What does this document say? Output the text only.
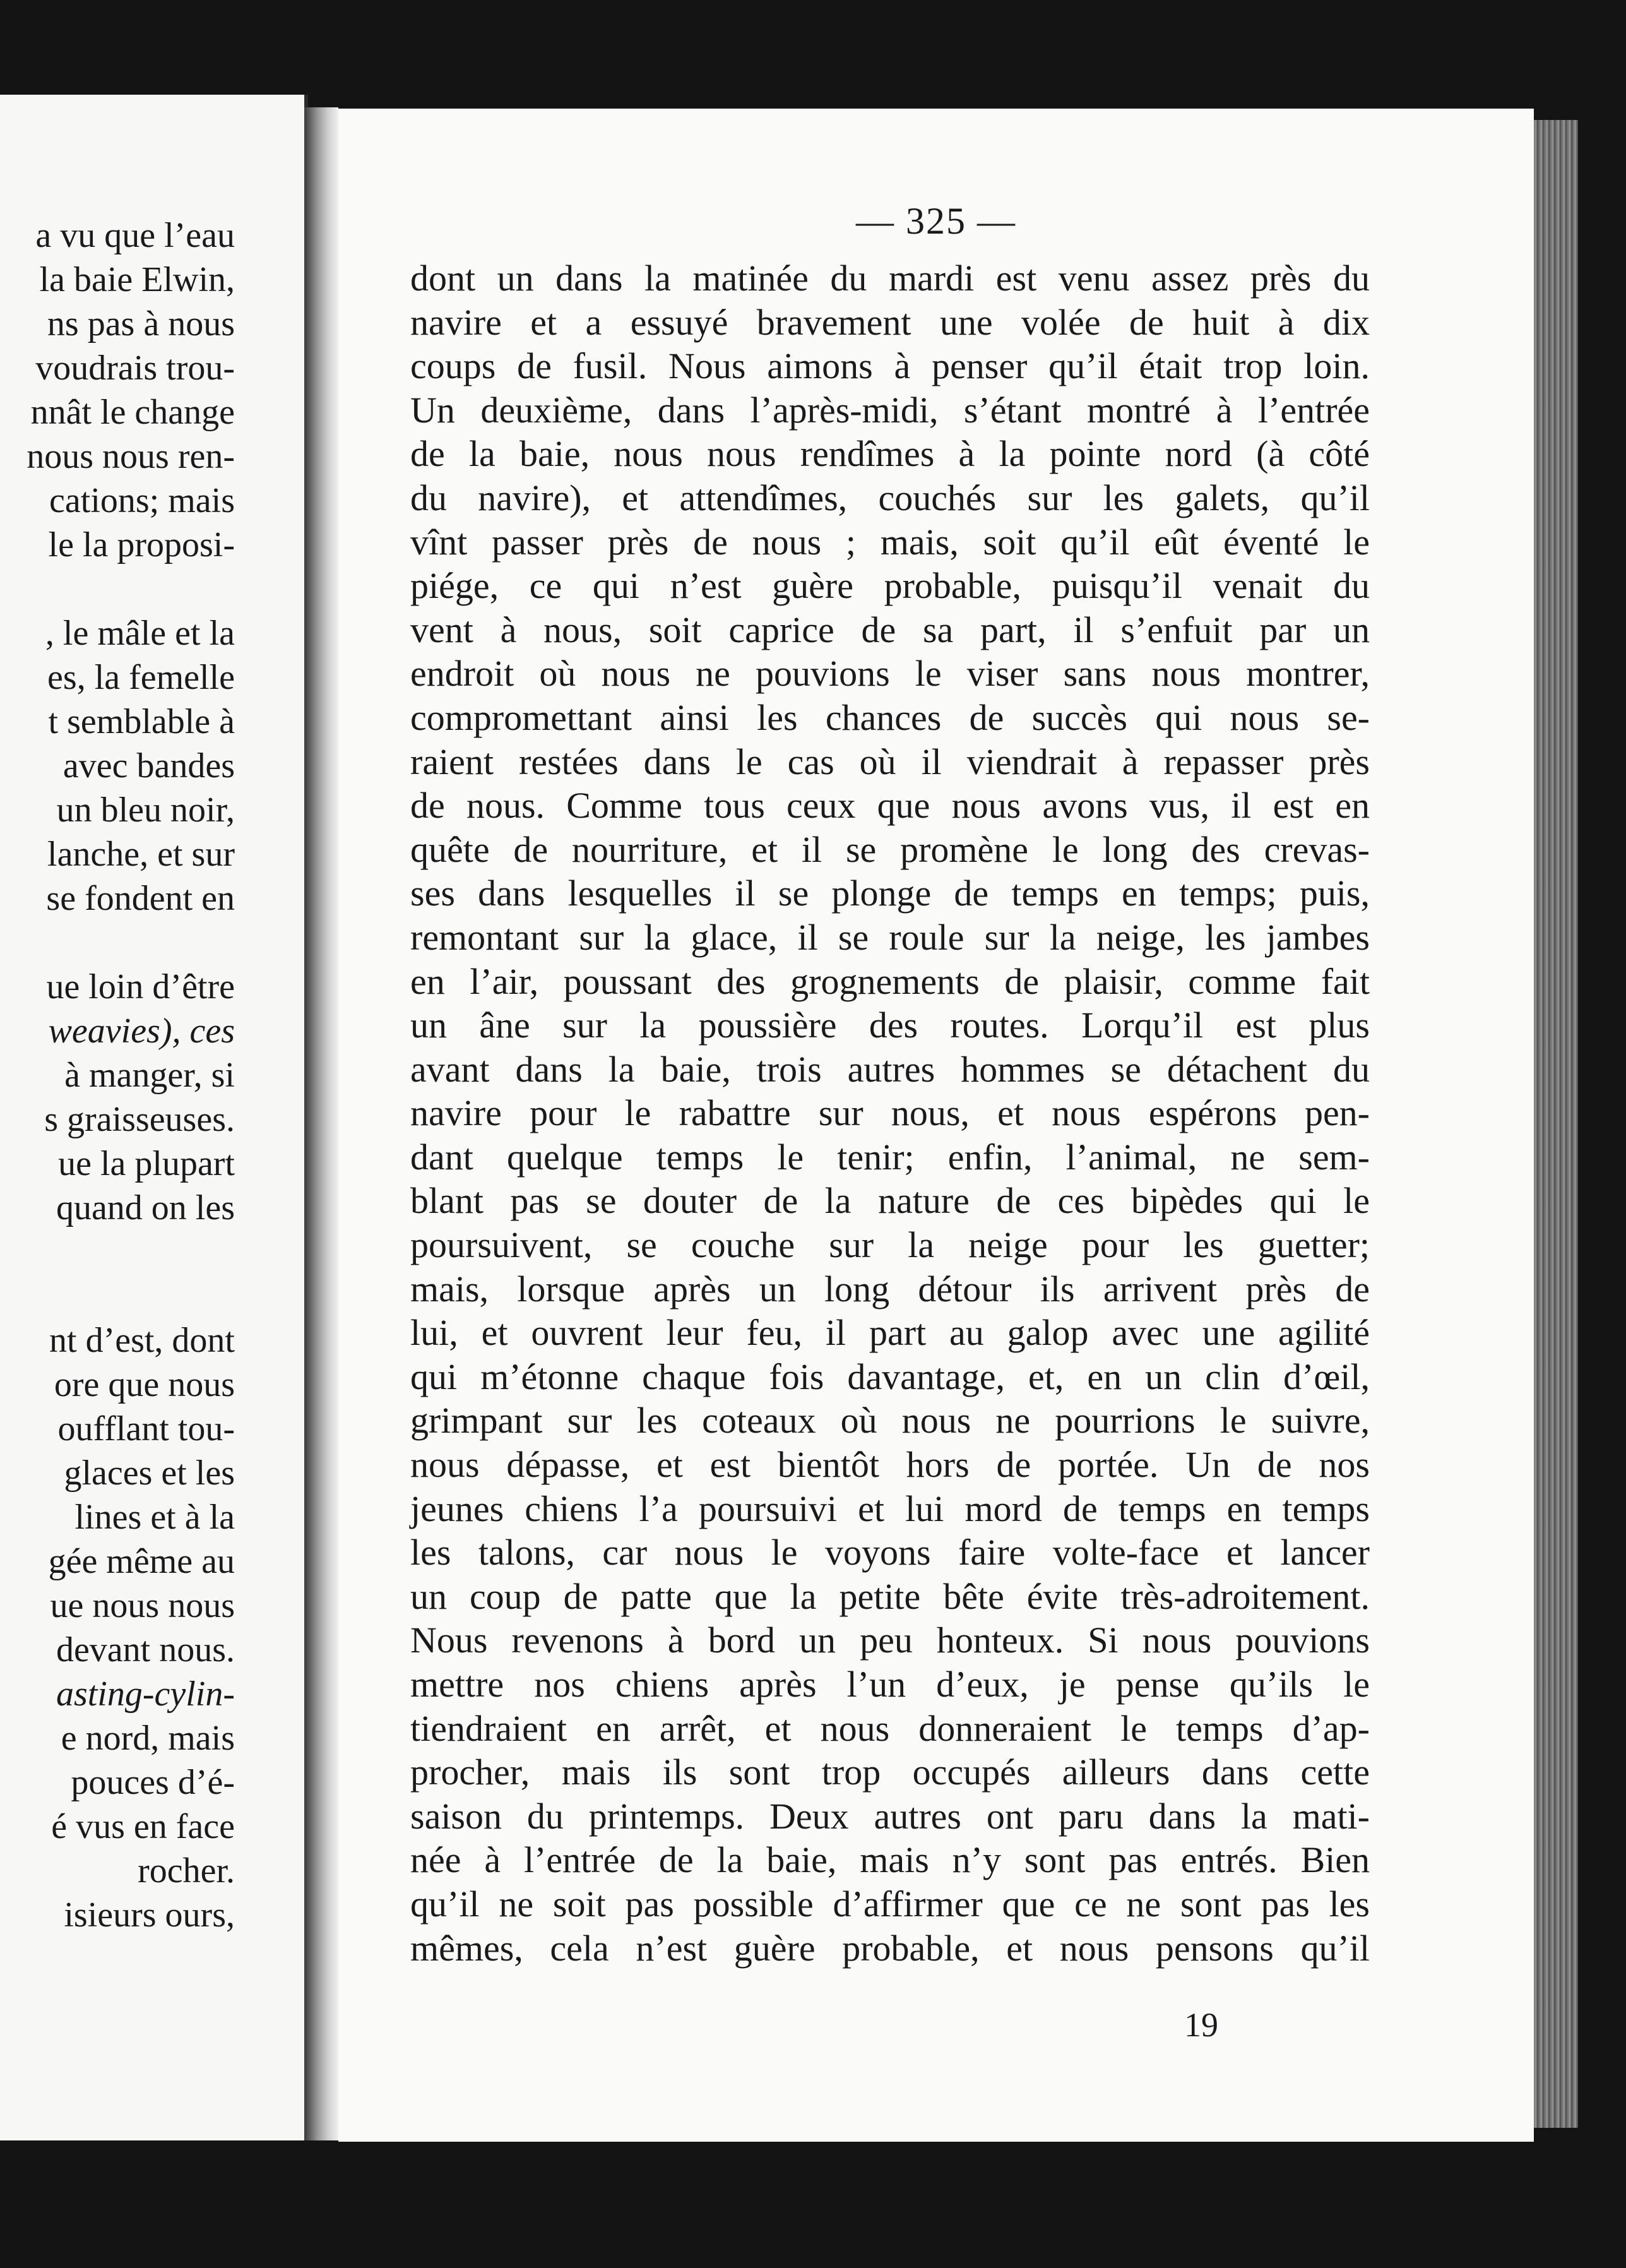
a vu que l’eau
la baie Elwin,
ns pas à nous
voudrais trou-
nnât le change
nous nous ren-
cations; mais
le la proposi-
, le mâle et la
es, la femelle
t semblable à
avec bandes
un bleu noir,
lanche, et sur
se fondent en
ue loin d’être
weavies), ces
à manger, si
s graisseuses.
ue la plupart
quand on les
nt d’est, dont
ore que nous
oufflant tou-
glaces et les
lines et à la
gée même au
ue nous nous
devant nous.
asting-cylin-
e nord, mais
pouces d’é-
é vus en face
rocher.
isieurs ours,
— 325 —
dont un dans la matinée du mardi est venu assez près du
navire et a essuyé bravement une volée de huit à dix
coups de fusil. Nous aimons à penser qu’il était trop loin.
Un deuxième, dans l’après-midi, s’étant montré à l’entrée
de la baie, nous nous rendîmes à la pointe nord (à côté
du navire), et attendîmes, couchés sur les galets, qu’il
vînt passer près de nous ; mais, soit qu’il eût éventé le
piége, ce qui n’est guère probable, puisqu’il venait du
vent à nous, soit caprice de sa part, il s’enfuit par un
endroit où nous ne pouvions le viser sans nous montrer,
compromettant ainsi les chances de succès qui nous se-
raient restées dans le cas où il viendrait à repasser près
de nous. Comme tous ceux que nous avons vus, il est en
quête de nourriture, et il se promène le long des crevas-
ses dans lesquelles il se plonge de temps en temps; puis,
remontant sur la glace, il se roule sur la neige, les jambes
en l’air, poussant des grognements de plaisir, comme fait
un âne sur la poussière des routes. Lorqu’il est plus
avant dans la baie, trois autres hommes se détachent du
navire pour le rabattre sur nous, et nous espérons pen-
dant quelque temps le tenir; enfin, l’animal, ne sem-
blant pas se douter de la nature de ces bipèdes qui le
poursuivent, se couche sur la neige pour les guetter;
mais, lorsque après un long détour ils arrivent près de
lui, et ouvrent leur feu, il part au galop avec une agilité
qui m’étonne chaque fois davantage, et, en un clin d’œil,
grimpant sur les coteaux où nous ne pourrions le suivre,
nous dépasse, et est bientôt hors de portée. Un de nos
jeunes chiens l’a poursuivi et lui mord de temps en temps
les talons, car nous le voyons faire volte-face et lancer
un coup de patte que la petite bête évite très-adroitement.
Nous revenons à bord un peu honteux. Si nous pouvions
mettre nos chiens après l’un d’eux, je pense qu’ils le
tiendraient en arrêt, et nous donneraient le temps d’ap-
procher, mais ils sont trop occupés ailleurs dans cette
saison du printemps. Deux autres ont paru dans la mati-
née à l’entrée de la baie, mais n’y sont pas entrés. Bien
qu’il ne soit pas possible d’affirmer que ce ne sont pas les
mêmes, cela n’est guère probable, et nous pensons qu’il
19
